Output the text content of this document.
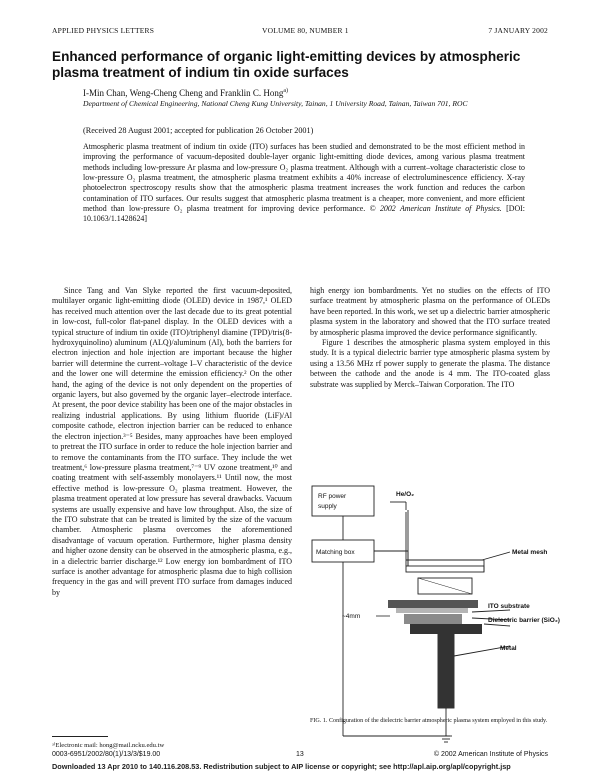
APPLIED PHYSICS LETTERS	VOLUME 80, NUMBER 1	7 JANUARY 2002
Enhanced performance of organic light-emitting devices by atmospheric plasma treatment of indium tin oxide surfaces
I-Min Chan, Weng-Cheng Cheng and Franklin C. Hong$^{a)}$
Department of Chemical Engineering, National Cheng Kung University, Tainan, 1 University Road, Tainan, Taiwan 701, ROC
(Received 28 August 2001; accepted for publication 26 October 2001)
Atmospheric plasma treatment of indium tin oxide (ITO) surfaces has been studied and demonstrated to be the most efficient method in improving the performance of vacuum-deposited double-layer organic light-emitting diode devices, among various plasma treatment methods including low-pressure Ar plasma and low-pressure O₂ plasma treatment. Although with a current–voltage characteristic close to low-pressure O₂ plasma treatment, the atmospheric plasma treatment exhibits a 40% increase of electroluminescence efficiency. X-ray photoelectron spectroscopy results show that the atmospheric plasma treatment increases the work function and reduces the carbon contamination of ITO surfaces. Our results suggest that atmospheric plasma treatment is a cheaper, more convenient, and more efficient method than low-pressure O₂ plasma treatment for improving device performance. © 2002 American Institute of Physics. [DOI: 10.1063/1.1428624]

Since Tang and Van Slyke reported the first vacuum-deposited, multilayer organic light-emitting diode (OLED) device in 1987,¹ OLED has received much attention over the last decade due to its great potential in low-cost, full-color flat-panel display. In the OLED devices with a typical structure of indium tin oxide (ITO)/triphenyl diamine (TPD)/tris(8-hydroxyquinolino) aluminum (ALQ)/aluminum (Al), both the barriers for electron injection and hole injection are important because the higher barrier will determine the current–voltage I–V characteristic of the device and the lower one will determine the emission efficiency.² On the other hand, the aging of the device is not only dependent on the properties of organic layers, but also governed by the organic layer–electrode interface. At present, the poor device stability has been one of the major obstacles in realizing industrial applications. By using lithium fluoride (LiF)/Al composite cathode, electron injection barrier can be reduced to enhance the electron injection.³⁻⁵ Besides, many approaches have been employed to pretreat the ITO surface in order to reduce the hole injection barrier and to remove the contaminants from the ITO surface. They include the wet treatment,⁶ low-pressure plasma treatment,⁷⁻⁹ UV ozone treatment,¹⁰ and coating treatment with self-assembly monolayers.¹¹ Until now, the most effective method is low-pressure O₂ plasma treatment. However, the plasma treatment operated at low pressure has several drawbacks. Vacuum systems are usually expensive and have low throughput. Also, the size of the ITO substrate that can be treated is limited by the size of the vacuum chamber. Atmospheric plasma overcomes the aforementioned disadvantage of vacuum operation. Furthermore, higher plasma density and higher ozone density can be observed in the atmospheric plasma, e.g., in a dielectric barrier discharge.¹² Low energy ion bombardment of ITO surface is another advantage for atmospheric plasma due to high collision frequency in the gas and will prevent ITO surface from damages induced by

high energy ion bombardments. Yet no studies on the effects of ITO surface treatment by atmospheric plasma on the performance of OLEDs have been reported. In this work, we set up a dielectric barrier atmospheric plasma system in the laboratory and showed that the ITO surface treated by atmospheric plasma improved the device performance significantly.

Figure 1 describes the atmospheric plasma system employed in this study. It is a typical dielectric barrier type atmospheric plasma system by using a 13.56 MHz rf power supply to generate the plasma. The distance between the cathode and the anode is 4 mm. The ITO-coated glass substrate was supplied by Merck–Taiwan Corporation. The ITO

RF power
supply
Matching box
He/O₂
~4mm
Metal mesh
ITO substrate
Dielectric barrier (SiO₂)
Metal
FIG. 1. Configuration of the dielectric barrier atmospheric plasma system employed in this study.
ᵃ⁾Electronic mail: hong@mail.ncku.edu.tw
0003-6951/2002/80(1)/13/3/$19.00	13	© 2002 American Institute of Physics
Downloaded 13 Apr 2010 to 140.116.208.53. Redistribution subject to AIP license or copyright; see http://apl.aip.org/apl/copyright.jsp
